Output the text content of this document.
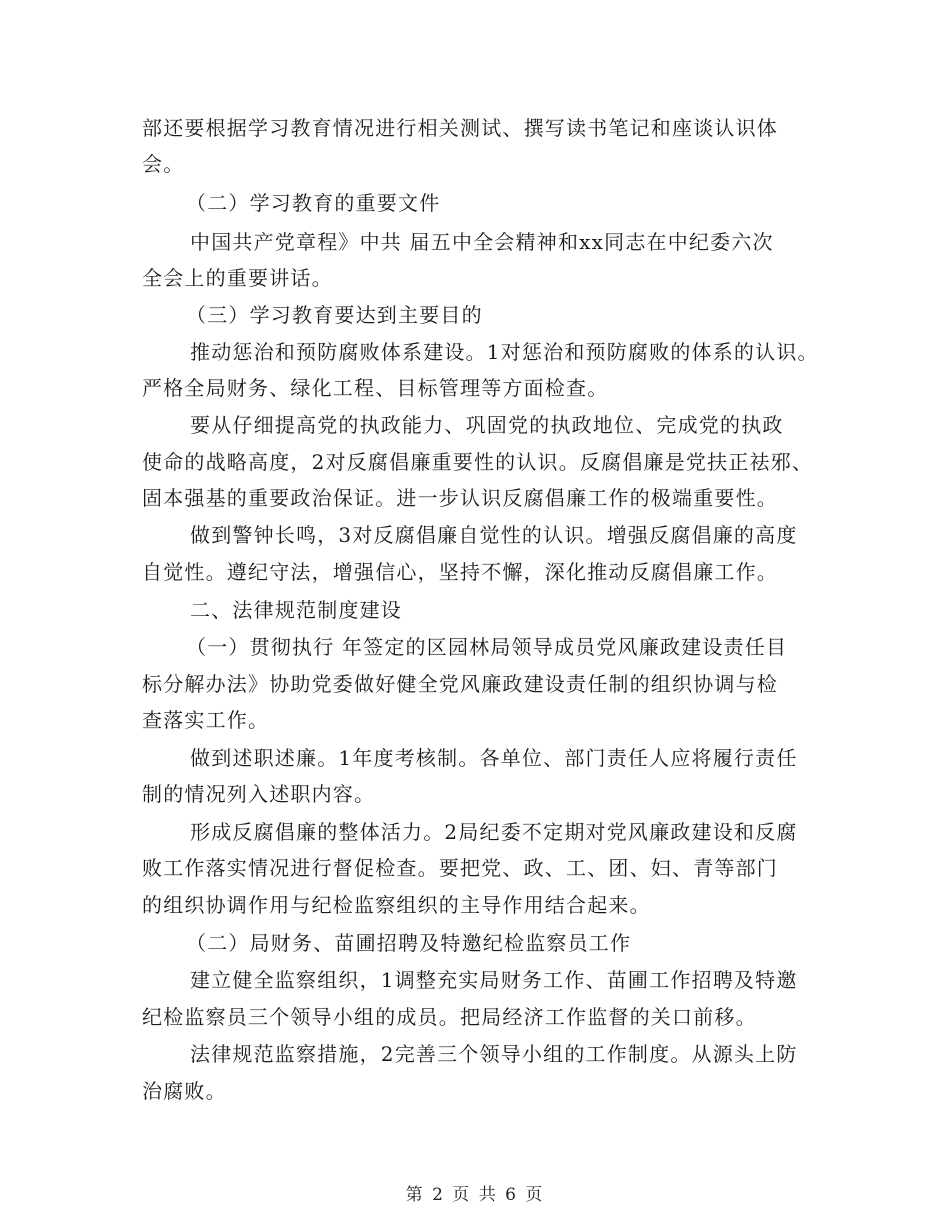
部还要根据学习教育情况进行相关测试、撰写读书笔记和座谈认识体
会。
（二）学习教育的重要文件
中国共产党章程》中共 届五中全会精神和xx同志在中纪委六次
全会上的重要讲话。
（三）学习教育要达到主要目的
推动惩治和预防腐败体系建设。1对惩治和预防腐败的体系的认识。
严格全局财务、绿化工程、目标管理等方面检查。
要从仔细提高党的执政能力、巩固党的执政地位、完成党的执政
使命的战略高度，2对反腐倡廉重要性的认识。反腐倡廉是党扶正祛邪、
固本强基的重要政治保证。进一步认识反腐倡廉工作的极端重要性。
做到警钟长鸣，3对反腐倡廉自觉性的认识。增强反腐倡廉的高度
自觉性。遵纪守法，增强信心，坚持不懈，深化推动反腐倡廉工作。
二、法律规范制度建设
（一）贯彻执行 年签定的区园林局领导成员党风廉政建设责任目
标分解办法》协助党委做好健全党风廉政建设责任制的组织协调与检
查落实工作。
做到述职述廉。1年度考核制。各单位、部门责任人应将履行责任
制的情况列入述职内容。
形成反腐倡廉的整体活力。2局纪委不定期对党风廉政建设和反腐
败工作落实情况进行督促检查。要把党、政、工、团、妇、青等部门
的组织协调作用与纪检监察组织的主导作用结合起来。
（二）局财务、苗圃招聘及特邀纪检监察员工作
建立健全监察组织，1调整充实局财务工作、苗圃工作招聘及特邀
纪检监察员三个领导小组的成员。把局经济工作监督的关口前移。
法律规范监察措施，2完善三个领导小组的工作制度。从源头上防
治腐败。
第 2 页 共 6 页
